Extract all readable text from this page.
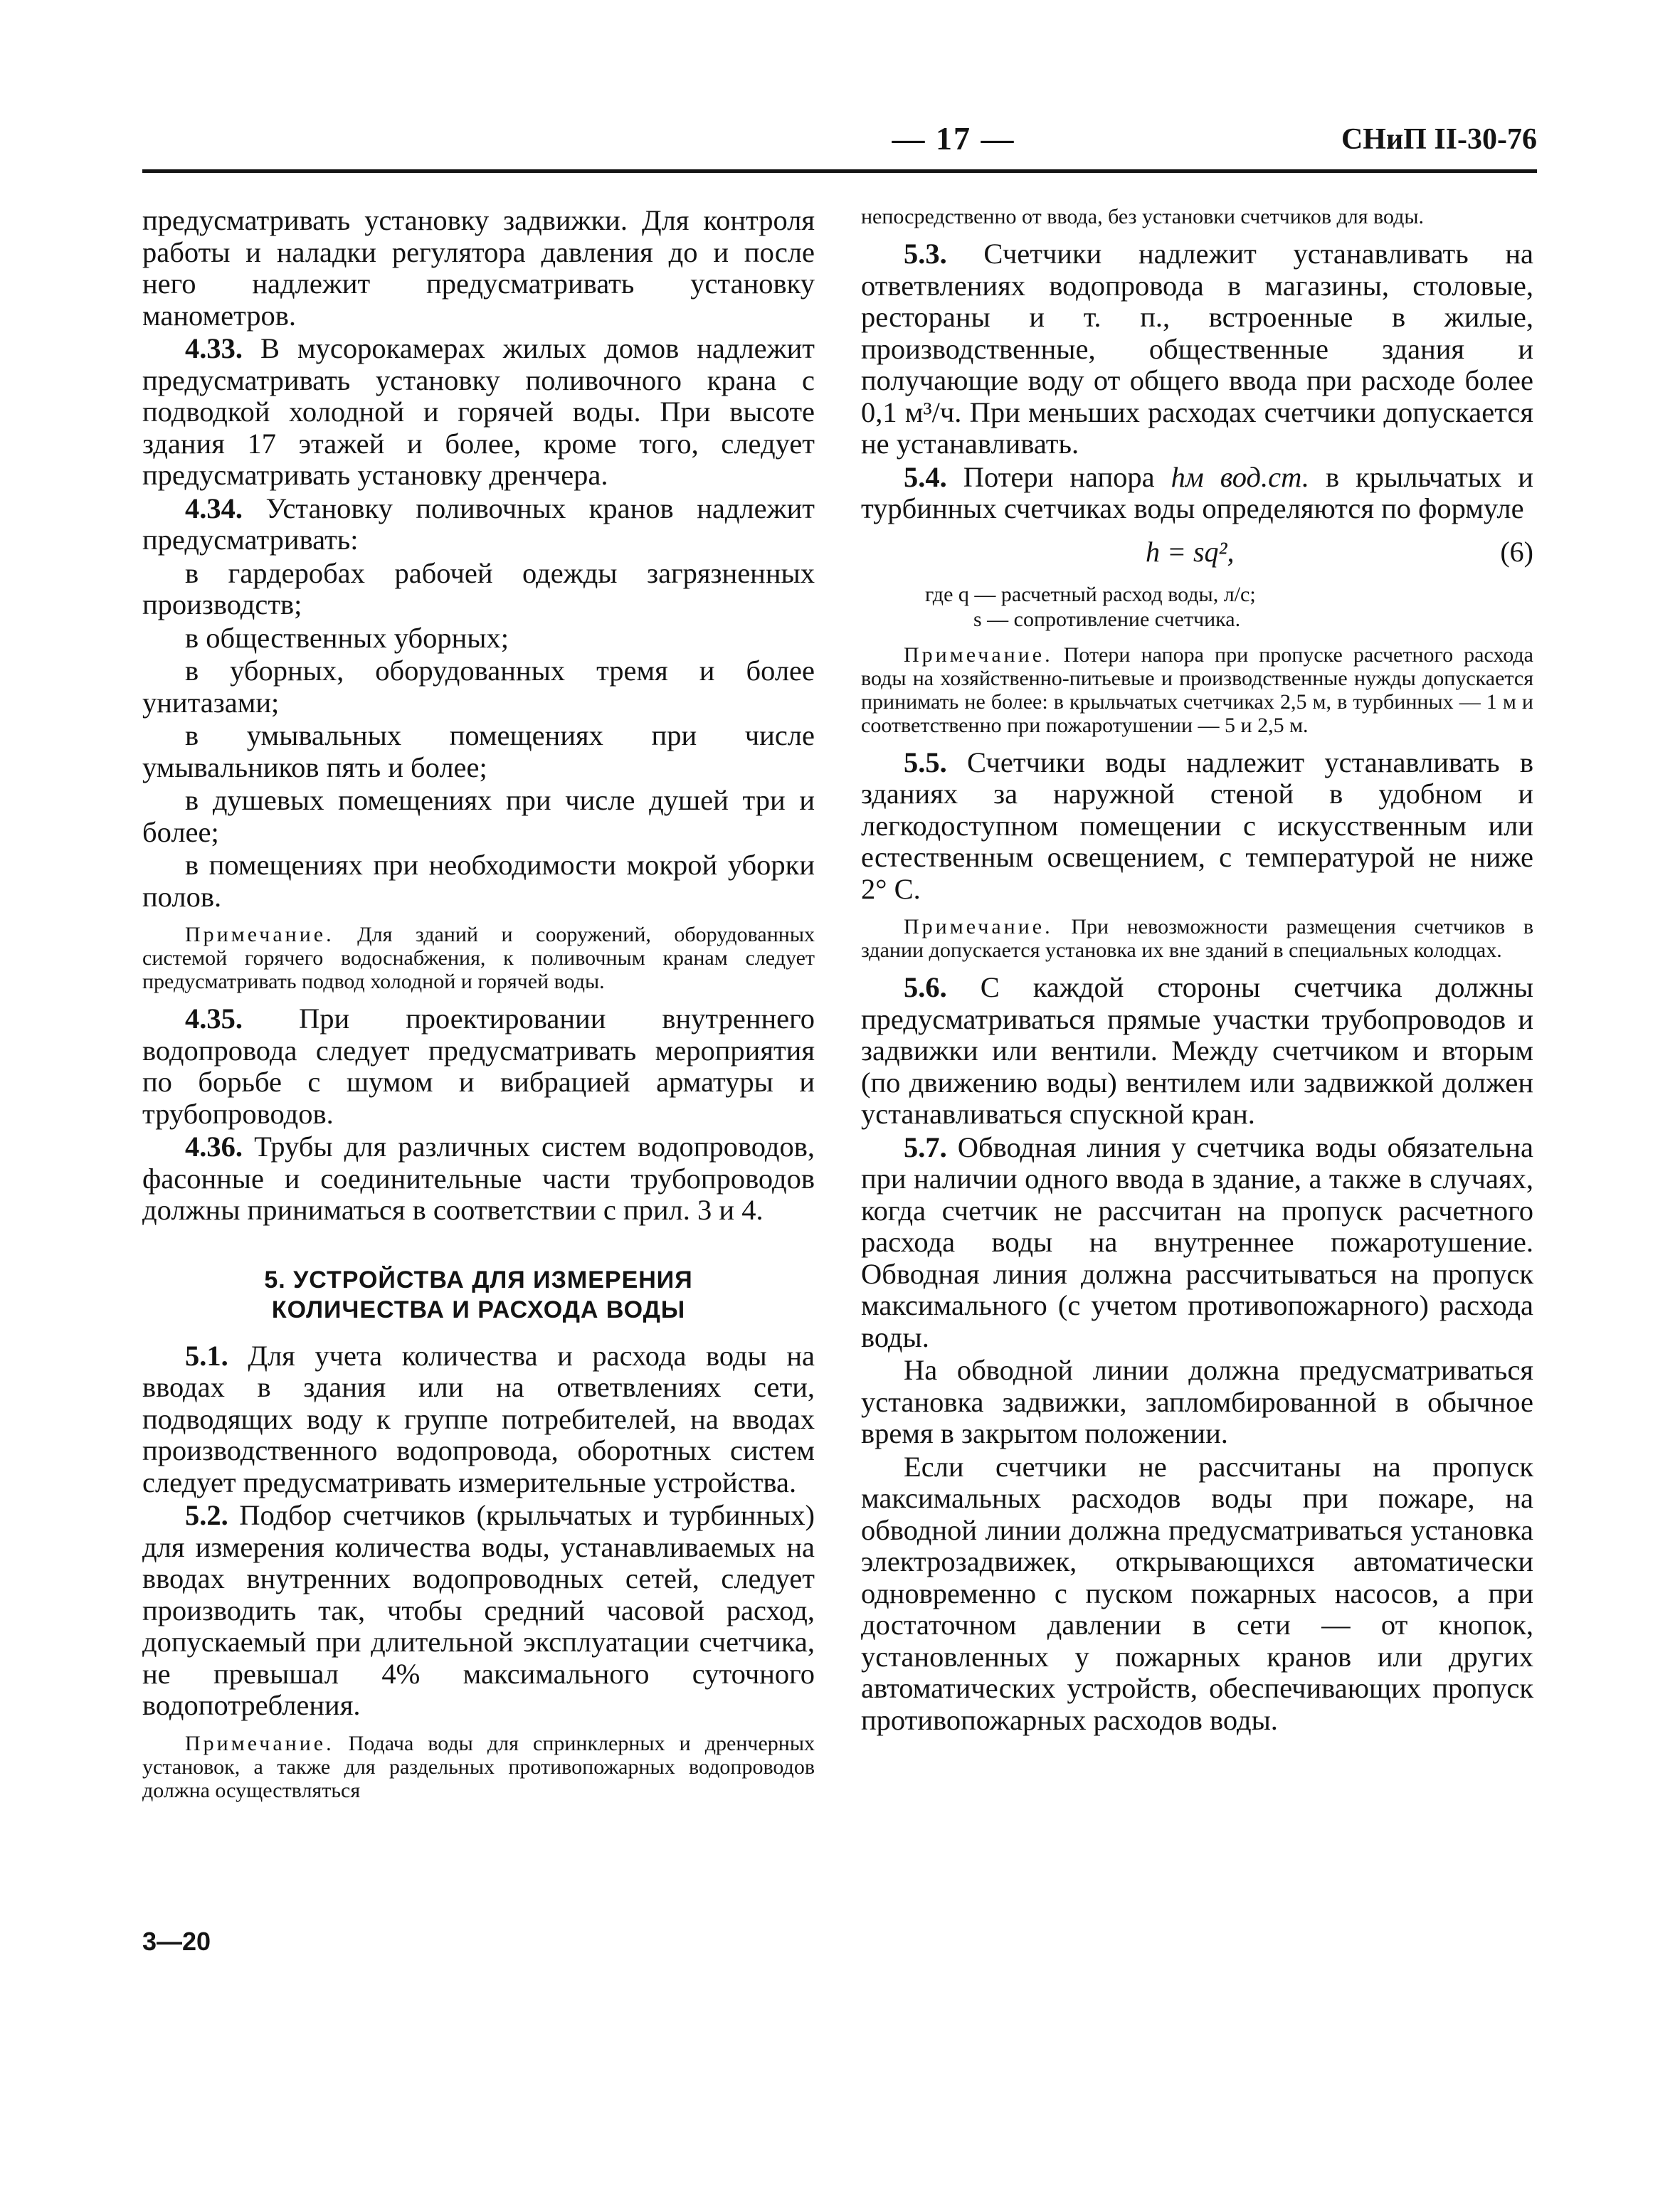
— 17 —	СНиП II-30-76

предусматривать установку задвижки. Для контроля работы и наладки регулятора давления до и после него надлежит предусматривать установку манометров.

4.33. В мусорокамерах жилых домов надлежит предусматривать установку поливочного крана с подводкой холодной и горячей воды. При высоте здания 17 этажей и более, кроме того, следует предусматривать установку дренчера.

4.34. Установку поливочных кранов надлежит предусматривать:

в гардеробах рабочей одежды загрязненных производств;

в общественных уборных;

в уборных, оборудованных тремя и более унитазами;

в умывальных помещениях при числе умывальников пять и более;

в душевых помещениях при числе душей три и более;

в помещениях при необходимости мокрой уборки полов.

Примечание. Для зданий и сооружений, оборудованных системой горячего водоснабжения, к поливочным кранам следует предусматривать подвод холодной и горячей воды.

4.35. При проектировании внутреннего водопровода следует предусматривать мероприятия по борьбе с шумом и вибрацией арматуры и трубопроводов.

4.36. Трубы для различных систем водопроводов, фасонные и соединительные части трубопроводов должны приниматься в соответствии с прил. 3 и 4.

5. УСТРОЙСТВА ДЛЯ ИЗМЕРЕНИЯ
КОЛИЧЕСТВА И РАСХОДА ВОДЫ

5.1. Для учета количества и расхода воды на вводах в здания или на ответвлениях сети, подводящих воду к группе потребителей, на вводах производственного водопровода, оборотных систем следует предусматривать измерительные устройства.

5.2. Подбор счетчиков (крыльчатых и турбинных) для измерения количества воды, устанавливаемых на вводах внутренних водопроводных сетей, следует производить так, чтобы средний часовой расход, допускаемый при длительной эксплуатации счетчика, не превышал 4% максимального суточного водопотребления.

Примечание. Подача воды для спринклерных и дренчерных установок, а также для раздельных противопожарных водопроводов должна осуществляться

3—20

непосредственно от ввода, без установки счетчиков для воды.

5.3. Счетчики надлежит устанавливать на ответвлениях водопровода в магазины, столовые, рестораны и т. п., встроенные в жилые, производственные, общественные здания и получающие воду от общего ввода при расходе более 0,1 м³/ч. При меньших расходах счетчики допускается не устанавливать.

5.4. Потери напора hм вод.ст. в крыльчатых и турбинных счетчиках воды определяются по формуле

h = sq²,	(6)
где q — расчетный расход воды, л/с;
s — сопротивление счетчика.

Примечание. Потери напора при пропуске расчетного расхода воды на хозяйственно-питьевые и производственные нужды допускается принимать не более: в крыльчатых счетчиках 2,5 м, в турбинных — 1 м и соответственно при пожаротушении — 5 и 2,5 м.

5.5. Счетчики воды надлежит устанавливать в зданиях за наружной стеной в удобном и легкодоступном помещении с искусственным или естественным освещением, с температурой не ниже 2° С.

Примечание. При невозможности размещения счетчиков в здании допускается установка их вне зданий в специальных колодцах.

5.6. С каждой стороны счетчика должны предусматриваться прямые участки трубопроводов и задвижки или вентили. Между счетчиком и вторым (по движению воды) вентилем или задвижкой должен устанавливаться спускной кран.

5.7. Обводная линия у счетчика воды обязательна при наличии одного ввода в здание, а также в случаях, когда счетчик не рассчитан на пропуск расчетного расхода воды на внутреннее пожаротушение. Обводная линия должна рассчитываться на пропуск максимального (с учетом противопожарного) расхода воды.

На обводной линии должна предусматриваться установка задвижки, запломбированной в обычное время в закрытом положении.

Если счетчики не рассчитаны на пропуск максимальных расходов воды при пожаре, на обводной линии должна предусматриваться установка электрозадвижек, открывающихся автоматически одновременно с пуском пожарных насосов, а при достаточном давлении в сети — от кнопок, установленных у пожарных кранов или других автоматических устройств, обеспечивающих пропуск противопожарных расходов воды.
